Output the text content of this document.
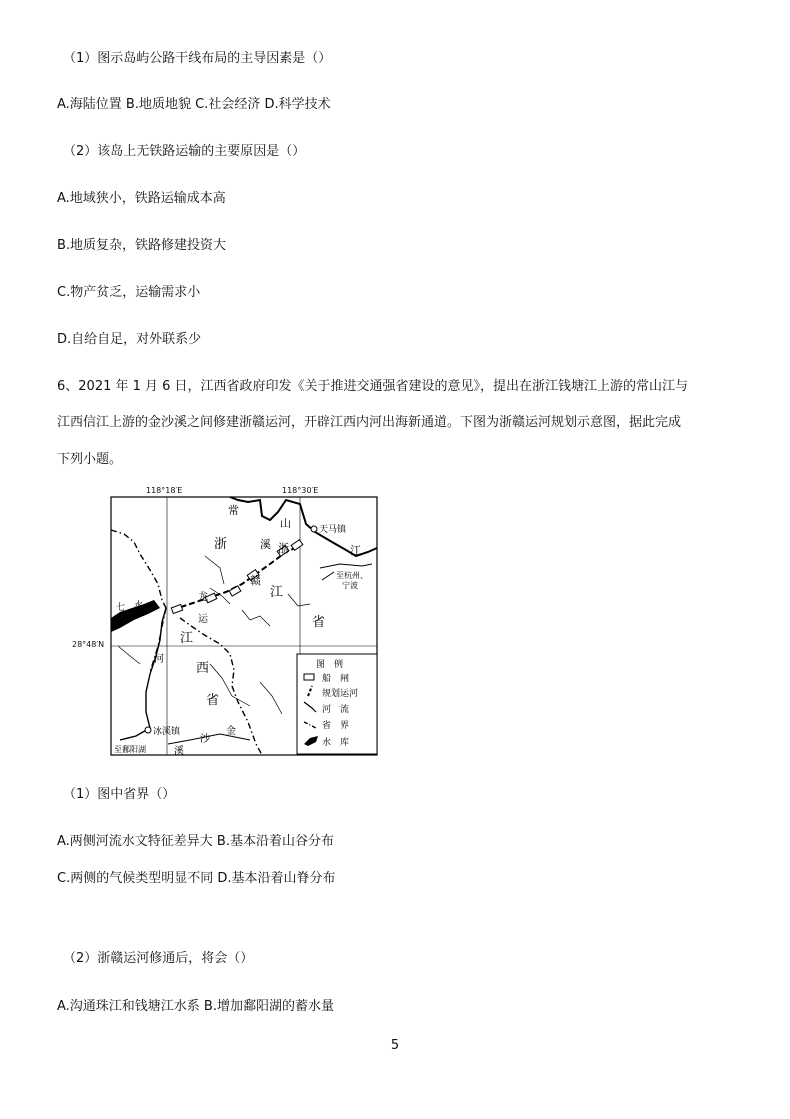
（1）图示岛屿公路干线布局的主导因素是（）
A.海陆位置 B.地质地貌 C.社会经济 D.科学技术
（2）该岛上无铁路运输的主要原因是（）
A.地域狭小，铁路运输成本高
B.地质复杂，铁路修建投资大
C.物产贫乏，运输需求小
D.自给自足，对外联系少
6、2021 年 1 月 6 日，江西省政府印发《关于推进交通强省建设的意见》，提出在浙江钱塘江上游的常山江与
江西信江上游的金沙溪之间修建浙赣运河，开辟江西内河出海新通道。下图为浙赣运河规划示意图，据此完成
下列小题。
常
山
江
天马镇
浙
江
省
溪 浙
赣
七 水
龙
运
河
江
西
省
冰溪镇
沙
金
溪
至杭州、
宁波
至鄱阳湖
图　例
船　闸
规划运河
河　流
省　界
水　库
118°18′E	118°30′E
28°48′N
（1）图中省界（）
A.两侧河流水文特征差异大 B.基本沿着山谷分布
C.两侧的气候类型明显不同 D.基本沿着山脊分布
（2）浙赣运河修通后，将会（）
A.沟通珠江和钱塘江水系 B.增加鄱阳湖的蓄水量
5
